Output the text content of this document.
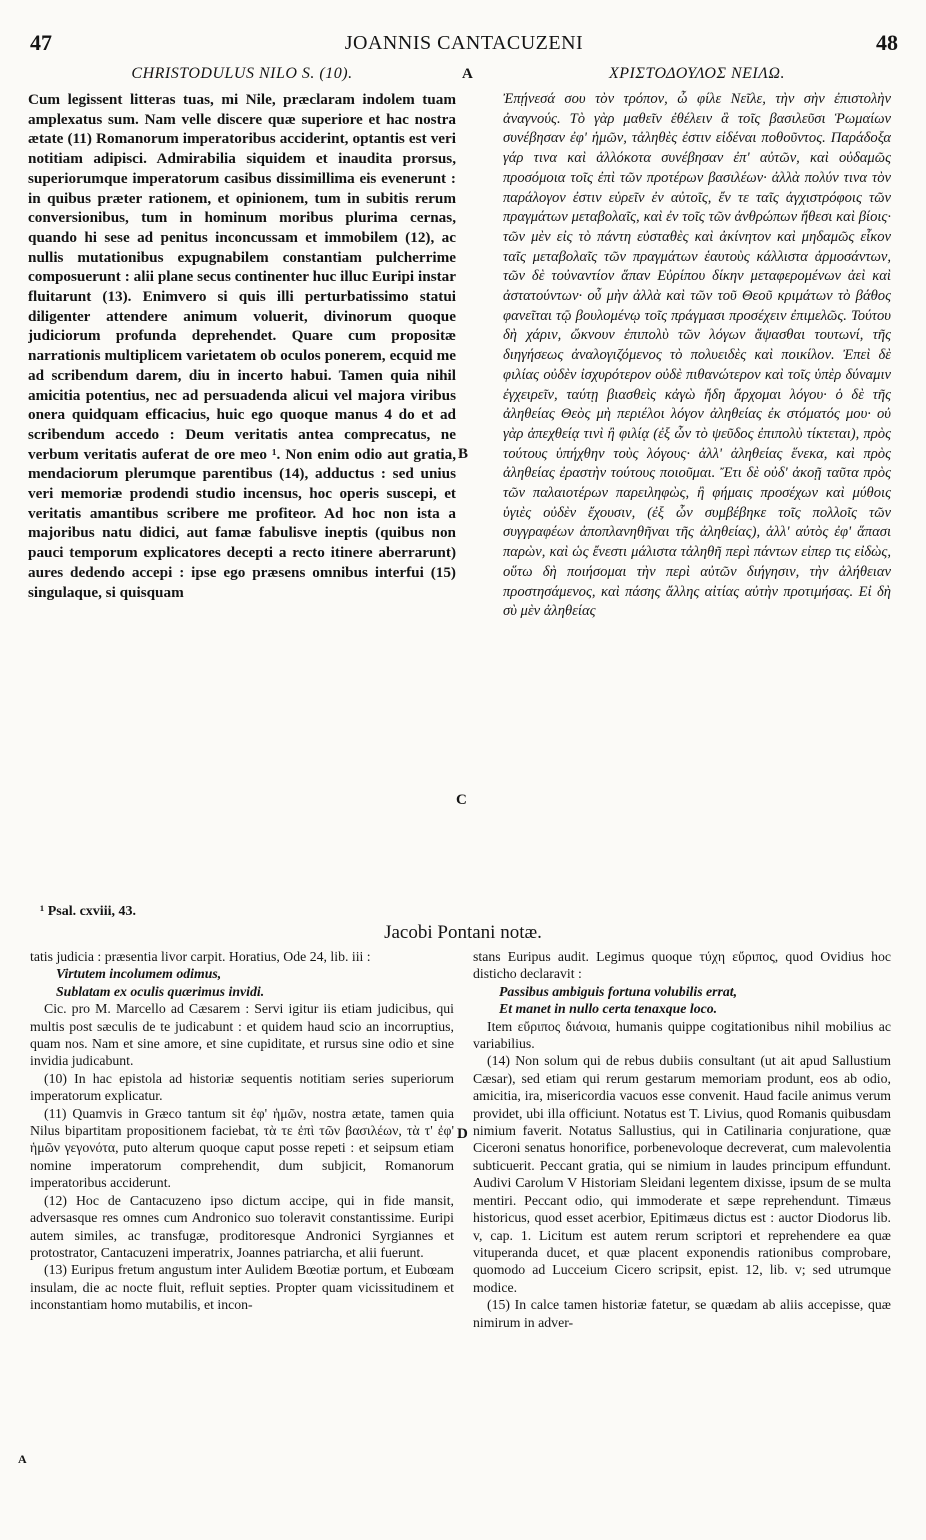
47	JOANNIS CANTACUZENI	48
CHRISTODULUS NILO S. (10).
Cum legissent litteras tuas, mi Nile, præclaram indolem tuam amplexatus sum. Nam velle discere quæ superiore et hac nostra ætate (11) Romanorum imperatoribus acciderint, optantis est veri notitiam adipisci. Admirabilia siquidem et inaudita prorsus, superiorumque imperatorum casibus dissimillima eis evenerunt : in quibus præter rationem, et opinionem, tum in subitis rerum conversionibus, tum in hominum moribus plurima cernas, quando hi sese ad penitus inconcussam et immobilem (12), ac nullis mutationibus expugnabilem constantiam pulcherrime composuerunt : alii plane secus continenter huc illuc Euripi instar fluitarunt (13). Enimvero si quis illi perturbatissimo statui diligenter attendere animum voluerit, divinorum quoque judiciorum profunda deprehendet. Quare cum propositæ narrationis multiplicem varietatem ob oculos ponerem, ecquid me ad scribendum darem, diu in incerto habui. Tamen quia nihil amicitia potentius, nec ad persuadenda alicui vel majora viribus onera quidquam efficacius, huic ego quoque manus 4 do et ad scribendum accedo : Deum veritatis antea comprecatus, ne verbum veritatis auferat de ore meo ¹. Non enim odio aut gratia, mendaciorum plerumque parentibus (14), adductus : sed unius veri memoriæ prodendi studio incensus, hoc operis suscepi, et veritatis amantibus scribere me profiteor. Ad hoc non ista a majoribus natu didici, aut famæ fabulisve ineptis (quibus non pauci temporum explicatores decepti a recto itinere aberrarunt) aures dedendo accepi : ipse ego præsens omnibus interfui (15) singulaque, si quisquam
ΧΡΙΣΤΟΔΟΥΛΟΣ ΝΕΙΛΩ.
Ἐπῄνεσά σου τὸν τρόπον, ὦ φίλε Νεῖλε, τὴν σὴν ἐπιστολὴν ἀναγνούς. Τὸ γὰρ μαθεῖν ἐθέλειν ἃ τοῖς βασιλεῦσι Ῥωμαίων συνέβησαν ἐφ' ἡμῶν, τἀληθὲς ἐστιν εἰδέναι ποθοῦντος. Παράδοξα γάρ τινα καὶ ἀλλόκοτα συνέβησαν ἐπ' αὐτῶν, καὶ οὐδαμῶς προσόμοια τοῖς ἐπὶ τῶν προτέρων βασιλέων· ἀλλὰ πολύν τινα τὸν παράλογον ἐστιν εὑρεῖν ἐν αὐτοῖς, ἔν τε ταῖς ἀγχιστρόφοις τῶν πραγμάτων μεταβολαῖς, καὶ ἐν τοῖς τῶν ἀνθρώπων ἤθεσι καὶ βίοις· τῶν μὲν εἰς τὸ πάντη εὐσταθὲς καὶ ἀκίνητον καὶ μηδαμῶς εἶκον ταῖς μεταβολαῖς τῶν πραγμάτων ἑαυτοὺς κάλλιστα ἁρμοσάντων, τῶν δὲ τοὐναντίον ἅπαν Εὐρίπου δίκην μεταφερομένων ἀεὶ καὶ ἀστατούντων· οὗ μὴν ἀλλὰ καὶ τῶν τοῦ Θεοῦ κριμάτων τὸ βάθος φανεῖται τῷ βουλομένῳ τοῖς πράγμασι προσέχειν ἐπιμελῶς. Τούτου δὴ χάριν, ὤκνουν ἐπιπολὺ τῶν λόγων ἅψασθαι τουτωνί, τῆς διηγήσεως ἀναλογιζόμενος τὸ πολυειδὲς καὶ ποικίλον. Ἐπεὶ δὲ φιλίας οὐδὲν ἰσχυρότερον οὐδὲ πιθανώτερον καὶ τοῖς ὑπὲρ δύναμιν ἐγχειρεῖν, ταύτῃ βιασθεὶς κἀγὼ ἤδη ἄρχομαι λόγου· ὁ δὲ τῆς ἀληθείας Θεὸς μὴ περιέλοι λόγον ἀληθείας ἐκ στόματός μου· οὐ γὰρ ἀπεχθείᾳ τινὶ ἢ φιλίᾳ (ἐξ ὧν τὸ ψεῦδος ἐπιπολὺ τίκτεται), πρὸς τούτους ὑπήχθην τοὺς λόγους· ἀλλ' ἀληθείας ἕνεκα, καὶ πρὸς ἀληθείας ἐραστὴν τούτους ποιοῦμαι. Ἔτι δὲ οὐδ' ἀκοῇ ταῦτα πρὸς τῶν παλαιοτέρων παρειληφὼς, ἢ φήμαις προσέχων καὶ μύθοις ὑγιὲς οὐδὲν ἔχουσιν, (ἐξ ὧν συμβέβηκε τοῖς πολλοῖς τῶν συγγραφέων ἀποπλανηθῆναι τῆς ἀληθείας), ἀλλ' αὐτὸς ἐφ' ἅπασι παρὼν, καὶ ὡς ἔνεστι μάλιστα τἀληθῆ περὶ πάντων εἰπερ τις εἰδὼς, οὕτω δὴ ποιήσομαι τὴν περὶ αὐτῶν διήγησιν, τὴν ἀλήθειαν προστησάμενος, καὶ πάσης ἄλλης αἰτίας αὐτὴν προτιμήσας. Εἰ δὴ σὺ μὲν ἀληθείας
A
B
C
D
A
¹ Psal. cxviii, 43.
Jacobi Pontani notæ.

tatis judicia : præsentia livor carpit. Horatius, Ode 24, lib. iii :

Virtutem incolumem odimus,

Sublatam ex oculis quærimus invidi.

Cic. pro M. Marcello ad Cæsarem : Servi igitur iis etiam judicibus, qui multis post sæculis de te judicabunt : et quidem haud scio an incorruptius, quam nos. Nam et sine amore, et sine cupiditate, et rursus sine odio et sine invidia judicabunt.

(10) In hac epistola ad historiæ sequentis notitiam series superiorum imperatorum explicatur.

(11) Quamvis in Græco tantum sit ἐφ' ἡμῶν, nostra ætate, tamen quia Nilus bipartitam propositionem faciebat, τὰ τε ἐπὶ τῶν βασιλέων, τὰ τ' ἐφ' ἡμῶν γεγονότα, puto alterum quoque caput posse repeti : et seipsum etiam nomine imperatorum comprehendit, dum subjicit, Romanorum imperatoribus acciderunt.

(12) Hoc de Cantacuzeno ipso dictum accipe, qui in fide mansit, adversasque res omnes cum Andronico suo toleravit constantissime. Euripi autem similes, ac transfugæ, proditoresque Andronici Syrgiannes et protostrator, Cantacuzeni imperatrix, Joannes patriarcha, et alii fuerunt.

(13) Euripus fretum angustum inter Aulidem Bœotiæ portum, et Eubœam insulam, die ac nocte fluit, refluit septies. Propter quam vicissitudinem et inconstantiam homo mutabilis, et incon-

stans Euripus audit. Legimus quoque τύχη εὔριπος, quod Ovidius hoc disticho declaravit :

Passibus ambiguis fortuna volubilis errat,

Et manet in nullo certa tenaxque loco.

Item εὔριπος διάνοια, humanis quippe cogitationibus nihil mobilius ac variabilius.

(14) Non solum qui de rebus dubiis consultant (ut ait apud Sallustium Cæsar), sed etiam qui rerum gestarum memoriam produnt, eos ab odio, amicitia, ira, misericordia vacuos esse convenit. Haud facile animus verum providet, ubi illa officiunt. Notatus est T. Livius, quod Romanis quibusdam nimium faverit. Notatus Sallustius, qui in Catilinaria conjuratione, quæ Ciceroni senatus honorifice, porbenevoloque decreverat, cum malevolentia subticuerit. Peccant gratia, qui se nimium in laudes principum effundunt. Audivi Carolum V Historiam Sleidani legentem dixisse, ipsum de se multa mentiri. Peccant odio, qui immoderate et sæpe reprehendunt. Timæus historicus, quod esset acerbior, Epitimæus dictus est : auctor Diodorus lib. v, cap. 1. Licitum est autem rerum scriptori et reprehendere ea quæ vituperanda ducet, et quæ placent exponendis rationibus comprobare, quomodo ad Lucceium Cicero scripsit, epist. 12, lib. v; sed utrumque modice.

(15) In calce tamen historiæ fatetur, se quædam ab aliis accepisse, quæ nimirum in adver-
